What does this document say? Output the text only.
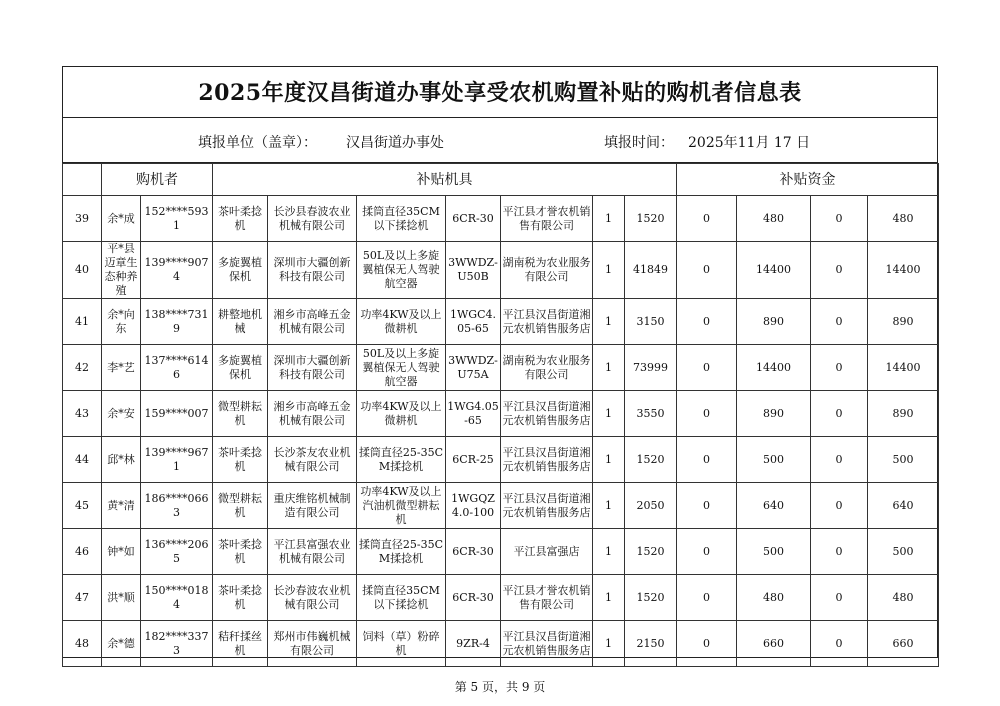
2025年度汉昌街道办事处享受农机购置补贴的购机者信息表
填报单位（盖章）： 汉昌街道办事处	填报时间： 2025年11月 17 日
	购机者		补贴机具							补贴资金			
39	余*成	152****5931	茶叶柔捻机	长沙县春波农业机械有限公司	揉筒直径35CM以下揉捻机	6CR-30	平江县才誉农机销售有限公司	1	1520	0	480	0	480
40	平*县迈章生态种养殖	139****9074	多旋翼植保机	深圳市大疆创新科技有限公司	50L及以上多旋翼植保无人驾驶航空器	3WWDZ-U50B	湖南税为农业服务有限公司	1	41849	0	14400	0	14400
41	余*向东	138****7319	耕整地机械	湘乡市高峰五金机械有限公司	功率4KW及以上微耕机	1WGC4.05-65	平江县汉昌街道湘元农机销售服务店	1	3150	0	890	0	890
42	李*艺	137****6146	多旋翼植保机	深圳市大疆创新科技有限公司	50L及以上多旋翼植保无人驾驶航空器	3WWDZ-U75A	湖南税为农业服务有限公司	1	73999	0	14400	0	14400
43	余*安	159****007	微型耕耘机	湘乡市高峰五金机械有限公司	功率4KW及以上微耕机	1WG4.05-65	平江县汉昌街道湘元农机销售服务店	1	3550	0	890	0	890
44	邱*林	139****9671	茶叶柔捻机	长沙茶友农业机械有限公司	揉筒直径25-35CM揉捻机	6CR-25	平江县汉昌街道湘元农机销售服务店	1	1520	0	500	0	500
45	黄*清	186****0663	微型耕耘机	重庆维铭机械制造有限公司	功率4KW及以上汽油机微型耕耘机	1WGQZ4.0-100	平江县汉昌街道湘元农机销售服务店	1	2050	0	640	0	640
46	钟*如	136****2065	茶叶柔捻机	平江县富强农业机械有限公司	揉筒直径25-35CM揉捻机	6CR-30	平江县富强店	1	1520	0	500	0	500
47	洪*顺	150****0184	茶叶柔捻机	长沙春波农业机械有限公司	揉筒直径35CM以下揉捻机	6CR-30	平江县才誉农机销售有限公司	1	1520	0	480	0	480
48	余*德	182****3373	秸秆揉丝机	郑州市伟巍机械有限公司	饲料（草）粉碎机	9ZR-4	平江县汉昌街道湘元农机销售服务店	1	2150	0	660	0	660
第 5 页，共 9 页
